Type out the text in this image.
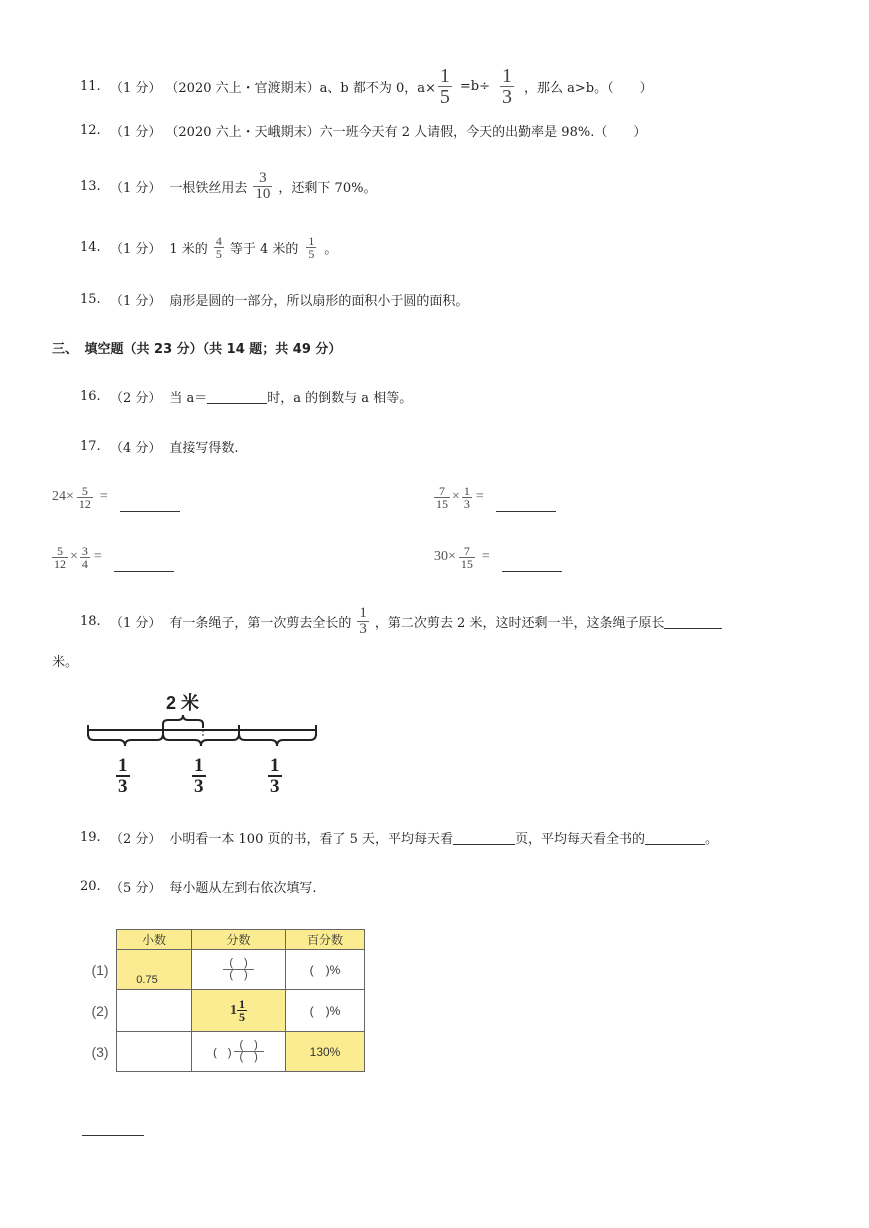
11. （1 分） （2020 六上・官渡期末） a、b 都不为 0，$a\times \frac{1}{5} =b\div \frac{1}{3}$ ，那么 a>b。（　　）
12. （1 分） （2020 六上・天峨期末） 六一班今天有 2 人请假，今天的出勤率是 98%.（　　）
13. （1 分） 一根铁丝用去 $\frac{3}{10}$ ，还剩下 70%。
14. （1 分） 1 米的 $\frac{4}{5}$ 等于 4 米的 $\frac{1}{5}$ 。
15. （1 分） 扇形是圆的一部分，所以扇形的面积小于圆的面积。
三、　填空题（共 23 分）（共 14 题；共 49 分）
16. （2 分） 当 a＝	时，a 的倒数与 a 相等。
17. （4 分） 直接写得数.
$24\times \frac{5}{12}$ =	$\frac{7}{15} \times \frac{1}{3}$ =
$\frac{5}{12} \times \frac{3}{4}$ =	$30\times \frac{7}{15}$ =
18. （1 分） 有一条绳子，第一次剪去全长的 $\frac{1}{3}$ ，第二次剪去 2 米，这时还剩一半，这条绳子原长
米。
2 米
$\frac{1}{3}$	$\frac{1}{3}$	$\frac{1}{3}$
19. （2 分） 小明看一本 100 页的书，看了 5 天，平均每天看	页，平均每天看全书的	。
20. （5 分） 每小题从左到右依次填写.
	小数	分数	百分数
(1)	0.75	$\frac{( )}{( )}$	(　)%
(2)		$1 \frac{1}{5}$	(　)%
(3)		(　) $\frac{( )}{( )}$	130%
